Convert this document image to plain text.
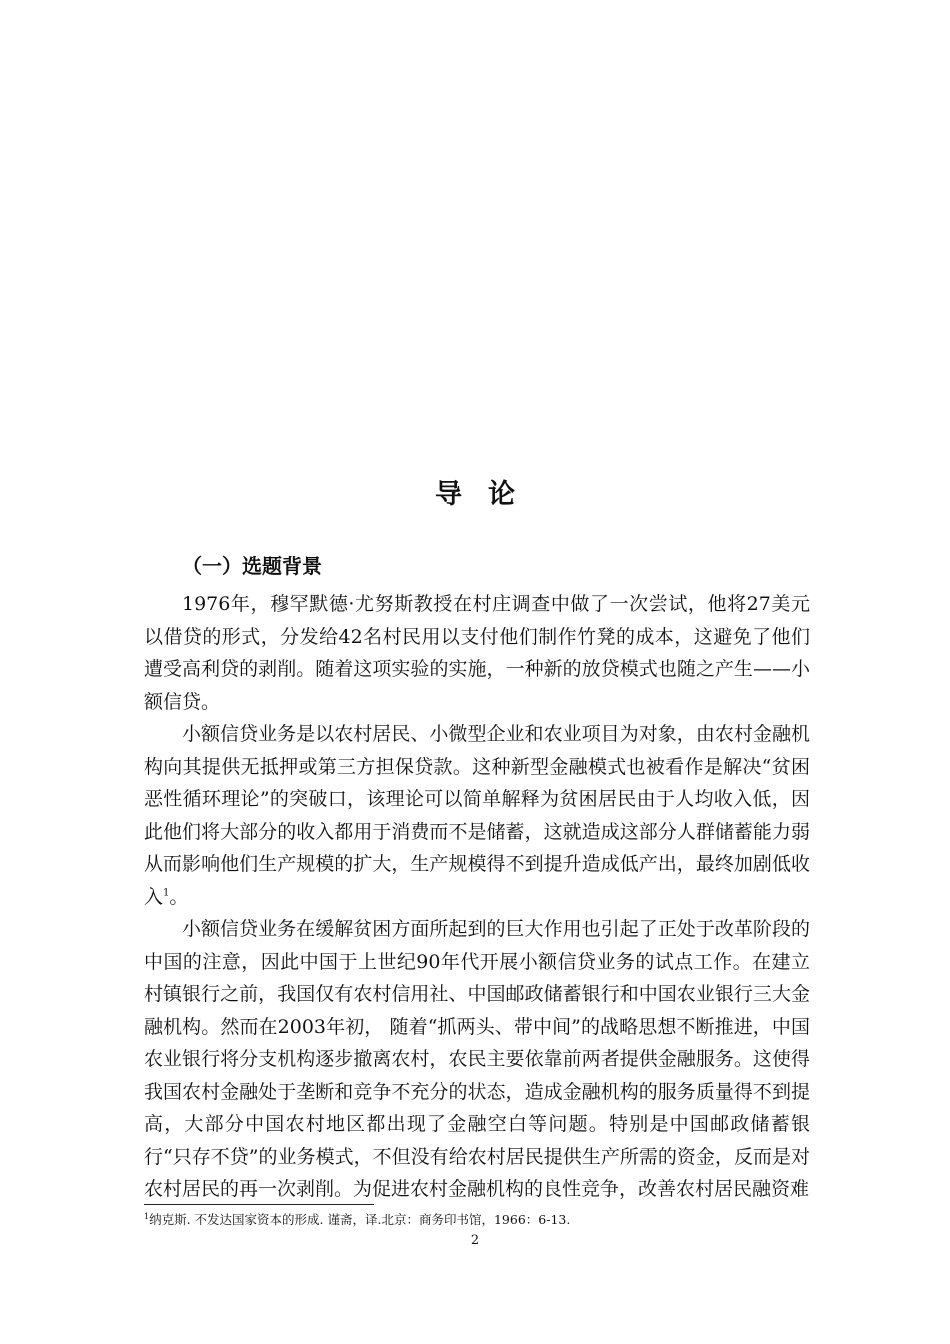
导论
（一）选题背景

1976年，穆罕默德·尤努斯教授在村庄调查中做了一次尝试，他将27美元以借贷的形式，分发给42名村民用以支付他们制作竹凳的成本，这避免了他们遭受高利贷的剥削。随着这项实验的实施，一种新的放贷模式也随之产生——小额信贷。

小额信贷业务是以农村居民、小微型企业和农业项目为对象，由农村金融机构向其提供无抵押或第三方担保贷款。这种新型金融模式也被看作是解决“贫困恶性循环理论”的突破口，该理论可以简单解释为贫困居民由于人均收入低，因此他们将大部分的收入都用于消费而不是储蓄，这就造成这部分人群储蓄能力弱从而影响他们生产规模的扩大，生产规模得不到提升造成低产出，最终加剧低收入$^1$。

小额信贷业务在缓解贫困方面所起到的巨大作用也引起了正处于改革阶段的中国的注意，因此中国于上世纪90年代开展小额信贷业务的试点工作。在建立村镇银行之前，我国仅有农村信用社、中国邮政储蓄银行和中国农业银行三大金融机构。然而在2003年初， 随着“抓两头、带中间”的战略思想不断推进，中国农业银行将分支机构逐步撤离农村，农民主要依靠前两者提供金融服务。这使得我国农村金融处于垄断和竞争不充分的状态，造成金融机构的服务质量得不到提高，大部分中国农村地区都出现了金融空白等问题。特别是中国邮政储蓄银行“只存不贷”的业务模式，不但没有给农村居民提供生产所需的资金，反而是对农村居民的再一次剥削。为促进农村金融机构的良性竞争，改善农村居民融资难

$^1$纳克斯. 不发达国家资本的形成. 谨斋，译.北京：商务印书馆，1966：6-13.
2
